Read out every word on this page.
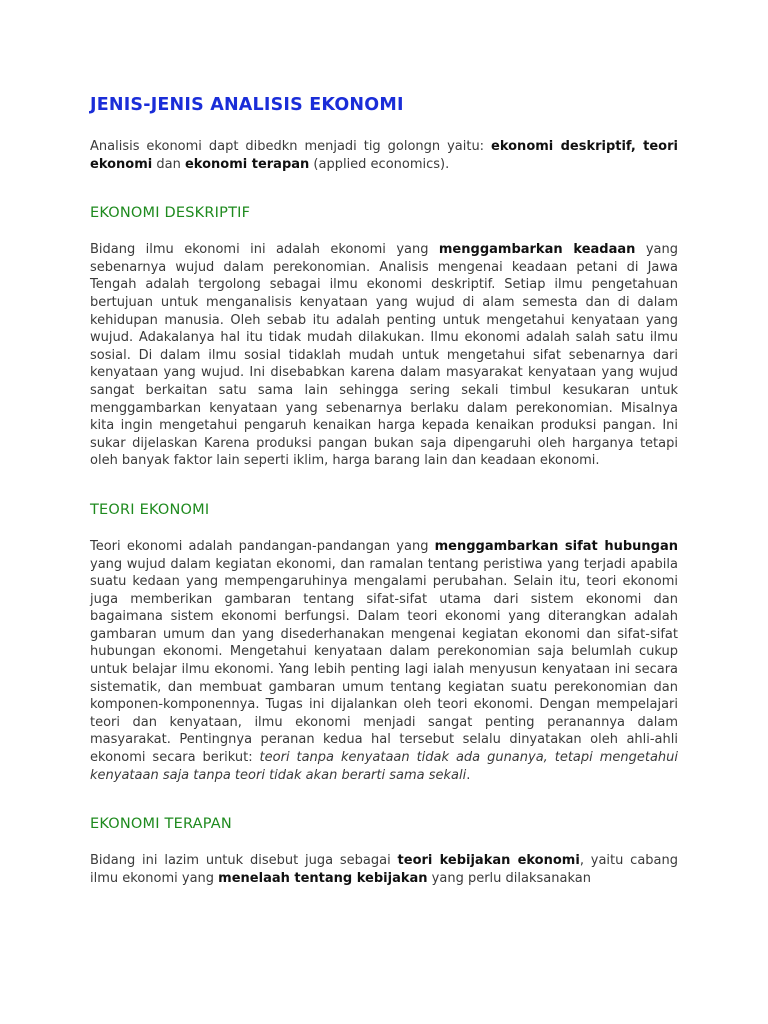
JENIS-JENIS ANALISIS EKONOMI

Analisis ekonomi dapt dibedkn menjadi tig golongn yaitu: ekonomi deskriptif, teori ekonomi dan ekonomi terapan (applied economics).

EKONOMI DESKRIPTIF

Bidang ilmu ekonomi ini adalah ekonomi yang menggambarkan keadaan yang sebenarnya wujud dalam perekonomian. Analisis mengenai keadaan petani di Jawa Tengah adalah tergolong sebagai ilmu ekonomi deskriptif. Setiap ilmu pengetahuan bertujuan untuk menganalisis kenyataan yang wujud di alam semesta dan di dalam kehidupan manusia. Oleh sebab itu adalah penting untuk mengetahui kenyataan yang wujud. Adakalanya hal itu tidak mudah dilakukan. Ilmu ekonomi adalah salah satu ilmu sosial. Di dalam ilmu sosial tidaklah mudah untuk mengetahui sifat sebenarnya dari kenyataan yang wujud. Ini disebabkan karena dalam masyarakat kenyataan yang wujud sangat berkaitan satu sama lain sehingga sering sekali timbul kesukaran untuk menggambarkan kenyataan yang sebenarnya berlaku dalam perekonomian. Misalnya kita ingin mengetahui pengaruh kenaikan harga kepada kenaikan produksi pangan. Ini sukar dijelaskan Karena produksi pangan bukan saja dipengaruhi oleh harganya tetapi oleh banyak faktor lain seperti iklim, harga barang lain dan keadaan ekonomi.

TEORI EKONOMI

Teori ekonomi adalah pandangan-pandangan yang menggambarkan sifat hubungan yang wujud dalam kegiatan ekonomi, dan ramalan tentang peristiwa yang terjadi apabila suatu kedaan yang mempengaruhinya mengalami perubahan. Selain itu, teori ekonomi juga memberikan gambaran tentang sifat-sifat utama dari sistem ekonomi dan bagaimana sistem ekonomi berfungsi. Dalam teori ekonomi yang diterangkan adalah gambaran umum dan yang disederhanakan mengenai kegiatan ekonomi dan sifat-sifat hubungan ekonomi. Mengetahui kenyataan dalam perekonomian saja belumlah cukup untuk belajar ilmu ekonomi. Yang lebih penting lagi ialah menyusun kenyataan ini secara sistematik, dan membuat gambaran umum tentang kegiatan suatu perekonomian dan komponen-komponennya. Tugas ini dijalankan oleh teori ekonomi. Dengan mempelajari teori dan kenyataan, ilmu ekonomi menjadi sangat penting peranannya dalam masyarakat. Pentingnya peranan kedua hal tersebut selalu dinyatakan oleh ahli-ahli ekonomi secara berikut: teori tanpa kenyataan tidak ada gunanya, tetapi mengetahui kenyataan saja tanpa teori tidak akan berarti sama sekali.

EKONOMI TERAPAN

Bidang ini lazim untuk disebut juga sebagai teori kebijakan ekonomi, yaitu cabang ilmu ekonomi yang menelaah tentang kebijakan yang perlu dilaksanakan
